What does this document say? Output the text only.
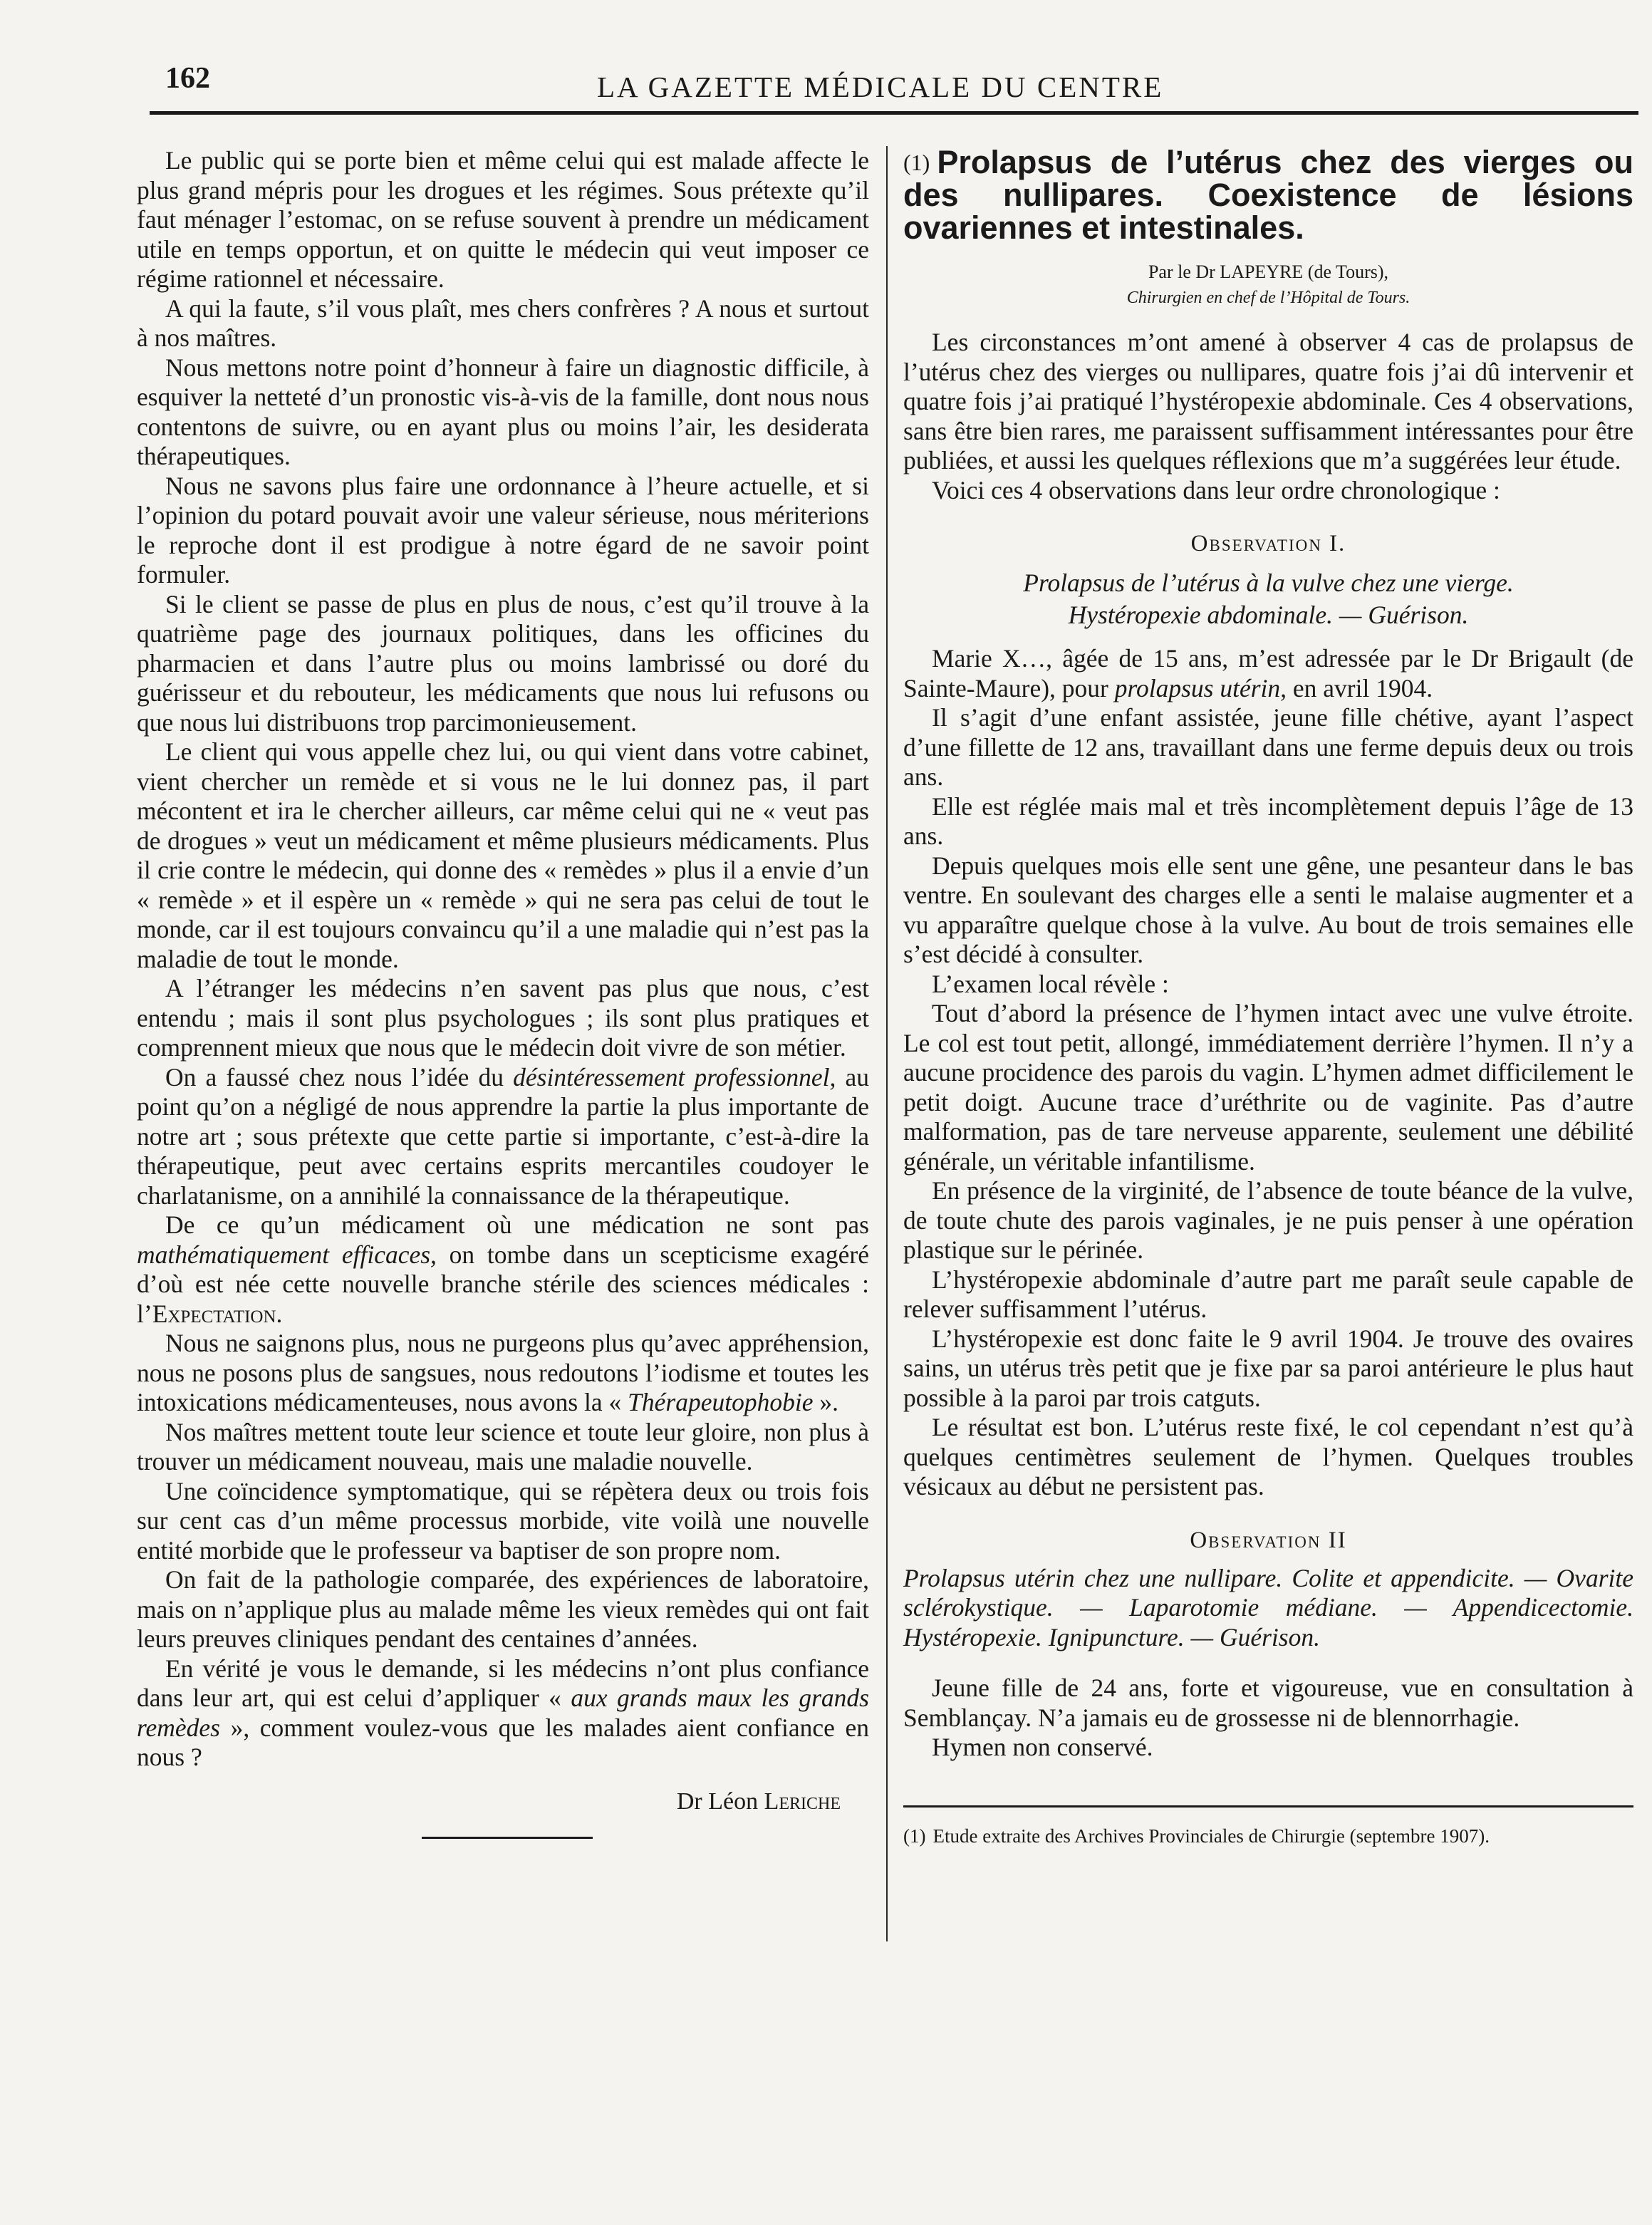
162	LA GAZETTE MÉDICALE DU CENTRE

Le public qui se porte bien et même celui qui est malade affecte le plus grand mépris pour les drogues et les régimes. Sous prétexte qu’il faut ménager l’estomac, on se refuse souvent à prendre un médicament utile en temps opportun, et on quitte le médecin qui veut imposer ce régime rationnel et nécessaire.

A qui la faute, s’il vous plaît, mes chers confrères ? A nous et surtout à nos maîtres.

Nous mettons notre point d’honneur à faire un diagnostic difficile, à esquiver la netteté d’un pronostic vis-à-vis de la famille, dont nous nous contentons de suivre, ou en ayant plus ou moins l’air, les desiderata thérapeutiques.

Nous ne savons plus faire une ordonnance à l’heure actuelle, et si l’opinion du potard pouvait avoir une valeur sérieuse, nous mériterions le reproche dont il est prodigue à notre égard de ne savoir point formuler.

Si le client se passe de plus en plus de nous, c’est qu’il trouve à la quatrième page des journaux politiques, dans les officines du pharmacien et dans l’autre plus ou moins lambrissé ou doré du guérisseur et du rebouteur, les médicaments que nous lui refusons ou que nous lui distribuons trop parcimonieusement.

Le client qui vous appelle chez lui, ou qui vient dans votre cabinet, vient chercher un remède et si vous ne le lui donnez pas, il part mécontent et ira le chercher ailleurs, car même celui qui ne « veut pas de drogues » veut un médicament et même plusieurs médicaments. Plus il crie contre le médecin, qui donne des « remèdes » plus il a envie d’un « remède » et il espère un « remède » qui ne sera pas celui de tout le monde, car il est toujours convaincu qu’il a une maladie qui n’est pas la maladie de tout le monde.

A l’étranger les médecins n’en savent pas plus que nous, c’est entendu ; mais il sont plus psychologues ; ils sont plus pratiques et comprennent mieux que nous que le médecin doit vivre de son métier.

On a faussé chez nous l’idée du désintéressement professionnel, au point qu’on a négligé de nous apprendre la partie la plus importante de notre art ; sous prétexte que cette partie si importante, c’est-à-dire la thérapeutique, peut avec certains esprits mercantiles coudoyer le charlatanisme, on a annihilé la connaissance de la thérapeutique.

De ce qu’un médicament où une médication ne sont pas mathématiquement efficaces, on tombe dans un scepticisme exagéré d’où est née cette nouvelle branche stérile des sciences médicales : l’Expectation.

Nous ne saignons plus, nous ne purgeons plus qu’avec appréhension, nous ne posons plus de sangsues, nous redoutons l’iodisme et toutes les intoxications médicamenteuses, nous avons la « Thérapeutophobie ».

Nos maîtres mettent toute leur science et toute leur gloire, non plus à trouver un médicament nouveau, mais une maladie nouvelle.

Une coïncidence symptomatique, qui se répètera deux ou trois fois sur cent cas d’un même processus morbide, vite voilà une nouvelle entité morbide que le professeur va baptiser de son propre nom.

On fait de la pathologie comparée, des expériences de laboratoire, mais on n’applique plus au malade même les vieux remèdes qui ont fait leurs preuves cliniques pendant des centaines d’années.

En vérité je vous le demande, si les médecins n’ont plus confiance dans leur art, qui est celui d’appliquer « aux grands maux les grands remèdes », comment voulez-vous que les malades aient confiance en nous ?

Dr Léon Leriche
$^{(1)}$ Prolapsus de l’utérus chez des vierges ou des nullipares. Coexistence de lésions ovariennes et intestinales.
Par le Dr LAPEYRE (de Tours),
Chirurgien en chef de l’Hôpital de Tours.

Les circonstances m’ont amené à observer 4 cas de prolapsus de l’utérus chez des vierges ou nullipares, quatre fois j’ai dû intervenir et quatre fois j’ai pratiqué l’hystéropexie abdominale. Ces 4 observations, sans être bien rares, me paraissent suffisamment intéressantes pour être publiées, et aussi les quelques réflexions que m’a suggérées leur étude.

Voici ces 4 observations dans leur ordre chronologique :

Observation I.
Prolapsus de l’utérus à la vulve chez une vierge.
Hystéropexie abdominale. — Guérison.

Marie X…, âgée de 15 ans, m’est adressée par le Dr Brigault (de Sainte-Maure), pour prolapsus utérin, en avril 1904.

Il s’agit d’une enfant assistée, jeune fille chétive, ayant l’aspect d’une fillette de 12 ans, travaillant dans une ferme depuis deux ou trois ans.

Elle est réglée mais mal et très incomplètement depuis l’âge de 13 ans.

Depuis quelques mois elle sent une gêne, une pesanteur dans le bas ventre. En soulevant des charges elle a senti le malaise augmenter et a vu apparaître quelque chose à la vulve. Au bout de trois semaines elle s’est décidé à consulter.

L’examen local révèle :

Tout d’abord la présence de l’hymen intact avec une vulve étroite. Le col est tout petit, allongé, immédiatement derrière l’hymen. Il n’y a aucune procidence des parois du vagin. L’hymen admet difficilement le petit doigt. Aucune trace d’uréthrite ou de vaginite. Pas d’autre malformation, pas de tare nerveuse apparente, seulement une débilité générale, un véritable infantilisme.

En présence de la virginité, de l’absence de toute béance de la vulve, de toute chute des parois vaginales, je ne puis penser à une opération plastique sur le périnée.

L’hystéropexie abdominale d’autre part me paraît seule capable de relever suffisamment l’utérus.

L’hystéropexie est donc faite le 9 avril 1904. Je trouve des ovaires sains, un utérus très petit que je fixe par sa paroi antérieure le plus haut possible à la paroi par trois catguts.

Le résultat est bon. L’utérus reste fixé, le col cependant n’est qu’à quelques centimètres seulement de l’hymen. Quelques troubles vésicaux au début ne persistent pas.

Observation II
Prolapsus utérin chez une nullipare. Colite et appendicite. — Ovarite sclérokystique. — Laparotomie médiane. — Appendicectomie. Hystéropexie. Ignipuncture. — Guérison.

Jeune fille de 24 ans, forte et vigoureuse, vue en consultation à Semblançay. N’a jamais eu de grossesse ni de blennorrhagie.

Hymen non conservé.

(1) Etude extraite des Archives Provinciales de Chirurgie (septembre 1907).
